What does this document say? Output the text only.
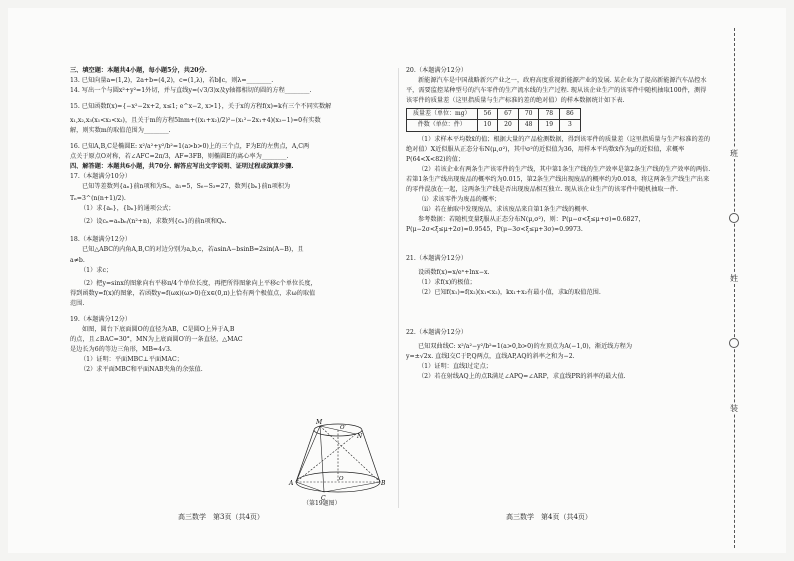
三、填空题：本题共4小题，每小题5分，共20分.
13. 已知向量a=(1,2)，2a+b=(4,2)，c=(1,λ)，若b∥c，则λ=________.
14. 写出一个与圆x²+y²=1外切，并与直线y=(√3/3)x及y轴都相切的圆的方程________.
15. 已知函数f(x)={−x²−2x+2, x≤1; e^x−2, x>1}，关于x的方程f(x)=k有三个不同实数解
x₁,x₂,x₃(x₁<x₂<x₃)，且关于m的方程5lnm+((x₁+x₂)/2)²−(x₁²−2x₁+4)(x₃−1)=0有实数
解，则实数m的取值范围为________.
16. 已知A,B,C是椭圆E: x²/a²+y²/b²=1(a>b>0)上的三个点，F为E的左焦点，A,C两
点关于原点O对称，若∠AFC=2π/3，AF=3FB，则椭圆E的离心率为________.
四、解答题：本题共6小题，共70分. 解答应写出文字说明、证明过程或演算步骤.
17.（本题满分10分）
已知等差数列{aₙ}前n项和为Sₙ，a₁=5，S₆−S₃=27，数列{bₙ}前n项积为
Tₙ=3^(n(n+1)/2).
（1）求{aₙ}，{bₙ}的通项公式；
（2）设cₙ=aₙbₙ/(n²+n)，求数列{cₙ}的前n项和Qₙ.
18.（本题满分12分）
已知△ABC的内角A,B,C的对边分别为a,b,c，若asinA−bsinB=2sin(A−B)，且
a≠b.
（1）求c；
（2）把y=sinx的图象向右平移π/4个单位长度，再把所得图象向上平移c个单位长度，
得到函数y=f(x)的图象，若函数y=f(ωx)(ω>0)在x∈(0,π)上恰有两个极值点，求ω的取值
范围.
19.（本题满分12分）
如图，圆台下底面圆O的直径为AB，C是圆O上异于A,B
的点，且∠BAC=30°，MN为上底面圆O′的一条直径，△MAC
是边长为6的等边三角形，MB=4√3.
（1）证明：平面MBC⊥平面MAC；
（2）求平面MBC和平面NAB夹角的余弦值.
M
N
O′
O
A	B
C
（第19题图）
高三数学　第3页（共4页）
20.（本题满分12分）
新能源汽车是中国战略新兴产业之一，政府高度重视新能源产业的发展. 某企业为了提高新能源汽车品控水平，需要监控某种型号的汽车零件的生产流水线的生产过程. 现从该企业生产的该零件中随机抽取100件，测得该零件的质量差（这里指质量与生产标准的差的绝对值）的样本数据统计如下表.
质量差（单位：mg）	56	67	70	78	86
件数（单位：件）	10	20	48	19	3
（1）求样本平均数x̄的值；根据大量的产品检测数据，得到该零件的质量差（这里指质量与生产标准的差的绝对值）X近似服从正态分布N(μ,σ²)，其中σ²的近似值为36，用样本平均数x̄作为μ的近似值，求概率P(64<X<82)的值；
（2）若该企业有两条生产该零件的生产线，其中第1条生产线的生产效率是第2条生产线的生产效率的两倍. 若第1条生产线出现废品的概率约为0.015，第2条生产线出现废品的概率约为0.018，将这两条生产线生产出来的零件混放在一起，这两条生产线是否出现废品相互独立. 现从该企业生产的该零件中随机抽取一件.
（i）求该零件为废品的概率；
（ii）若在抽取中发现废品，求该废品来自第1条生产线的概率.
参考数据：若随机变量ξ服从正态分布N(μ,σ²)，则：P(μ−σ<ξ≤μ+σ)≈0.6827，P(μ−2σ<ξ≤μ+2σ)≈0.9545，P(μ−3σ<ξ≤μ+3σ)≈0.9973.
21.（本题满分12分）
设函数f(x)=x/eˣ+lnx−x.
（1）求f(x)的极值；
（2）已知f(x₁)=f(x₂)(x₁<x₂)，kx₁+x₂有最小值，求k的取值范围.
22.（本题满分12分）
已知双曲线C: x²/a²−y²/b²=1(a>0,b>0)的左顶点为A(−1,0)，渐近线方程为
y=±√2x. 直线l交C于P,Q两点，直线AP,AQ的斜率之和为−2.
（1）证明：直线l过定点；
（2）若在射线AQ上的点R满足∠APQ=∠ARP，求直线PR的斜率的最大值.
高三数学　第4页（共4页）
班
姓
装
